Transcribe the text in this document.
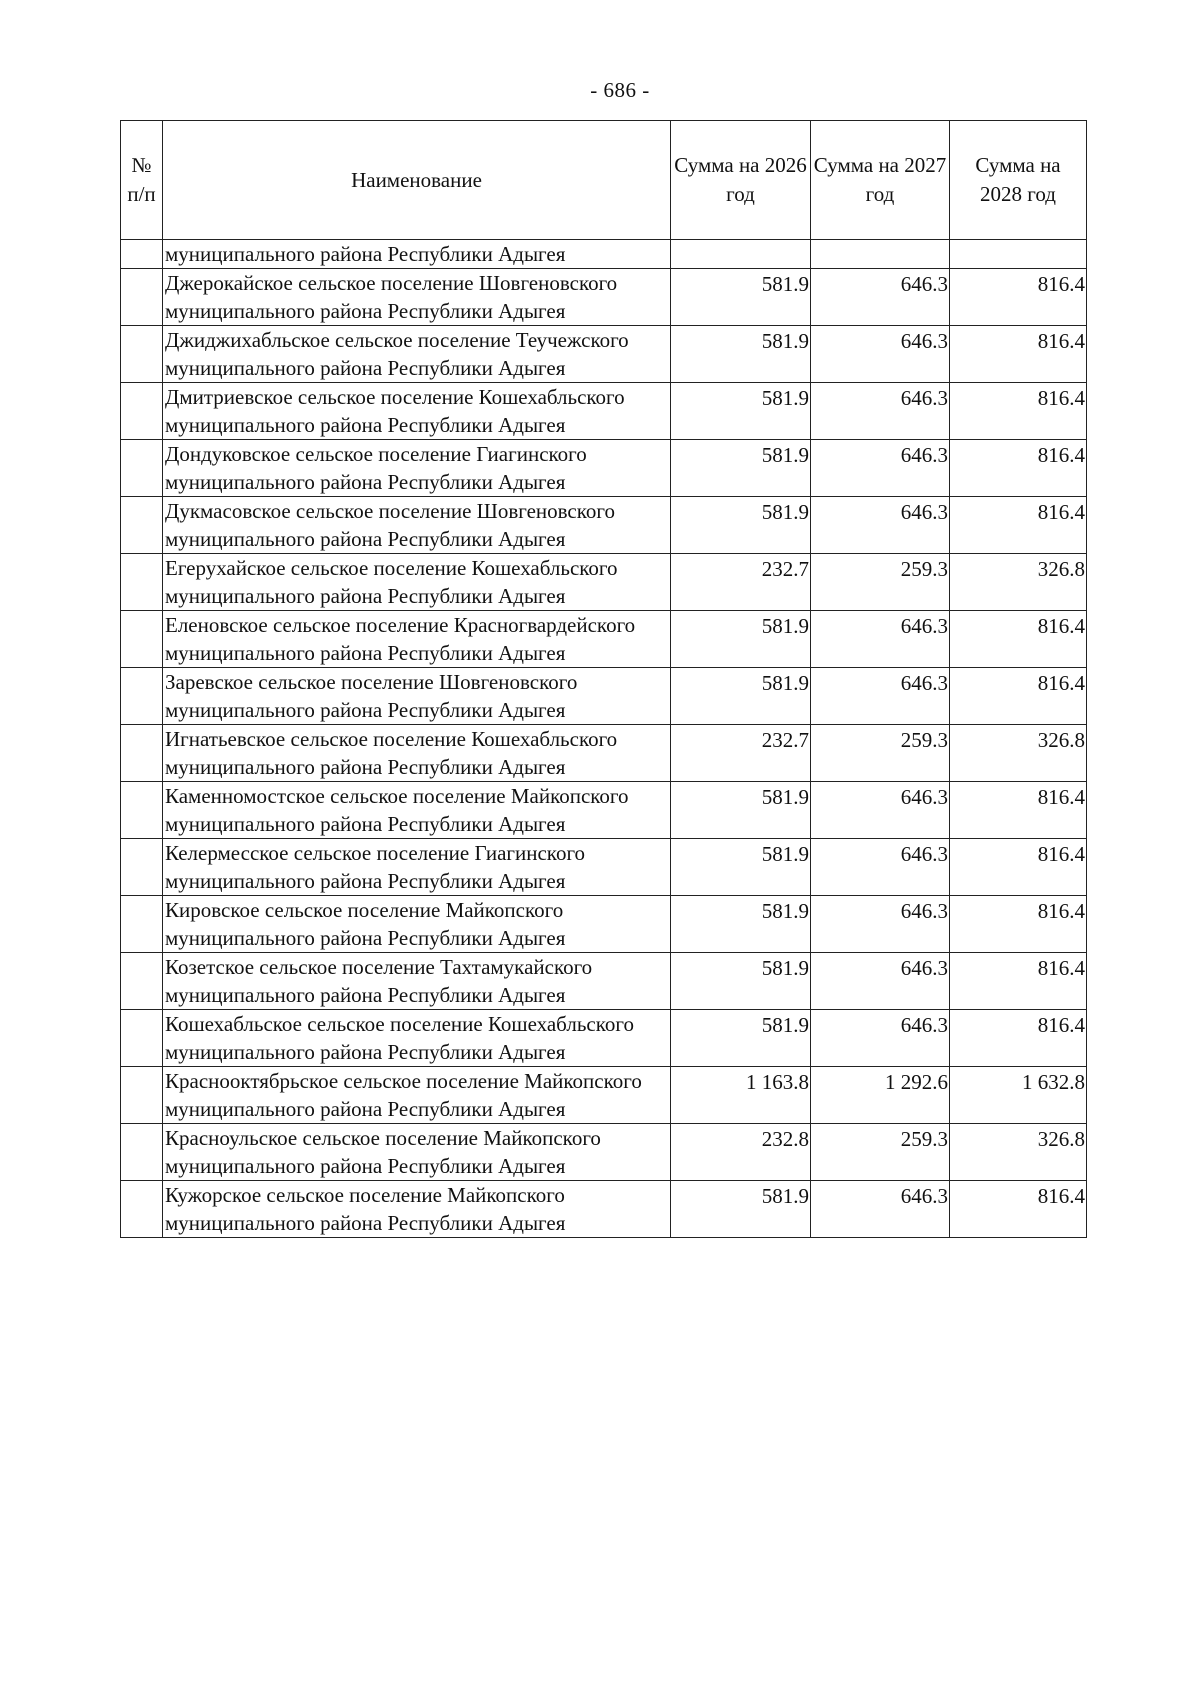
- 686 -
№ п/п	Наименование	Сумма на 2026 год	Сумма на 2027 год	Сумма на 2028 год
	муниципального района Республики Адыгея			
	Джерокайское сельское поселение Шовгеновского муниципального района Республики Адыгея	581.9	646.3	816.4
	Джиджихабльское сельское поселение Теучежского муниципального района Республики Адыгея	581.9	646.3	816.4
	Дмитриевское сельское поселение Кошехабльского муниципального района Республики Адыгея	581.9	646.3	816.4
	Дондуковское сельское поселение Гиагинского муниципального района Республики Адыгея	581.9	646.3	816.4
	Дукмасовское сельское поселение Шовгеновского муниципального района Республики Адыгея	581.9	646.3	816.4
	Егерухайское сельское поселение Кошехабльского муниципального района Республики Адыгея	232.7	259.3	326.8
	Еленовское сельское поселение Красногвардейского муниципального района Республики Адыгея	581.9	646.3	816.4
	Заревское сельское поселение Шовгеновского муниципального района Республики Адыгея	581.9	646.3	816.4
	Игнатьевское сельское поселение Кошехабльского муниципального района Республики Адыгея	232.7	259.3	326.8
	Каменномостское сельское поселение Майкопского муниципального района Республики Адыгея	581.9	646.3	816.4
	Келермесское сельское поселение Гиагинского муниципального района Республики Адыгея	581.9	646.3	816.4
	Кировское сельское поселение Майкопского муниципального района Республики Адыгея	581.9	646.3	816.4
	Козетское сельское поселение Тахтамукайского муниципального района Республики Адыгея	581.9	646.3	816.4
	Кошехабльское сельское поселение Кошехабльского муниципального района Республики Адыгея	581.9	646.3	816.4
	Краснооктябрьское сельское поселение Майкопского муниципального района Республики Адыгея	1 163.8	1 292.6	1 632.8
	Красноульское сельское поселение Майкопского муниципального района Республики Адыгея	232.8	259.3	326.8
	Кужорское сельское поселение Майкопского муниципального района Республики Адыгея	581.9	646.3	816.4
